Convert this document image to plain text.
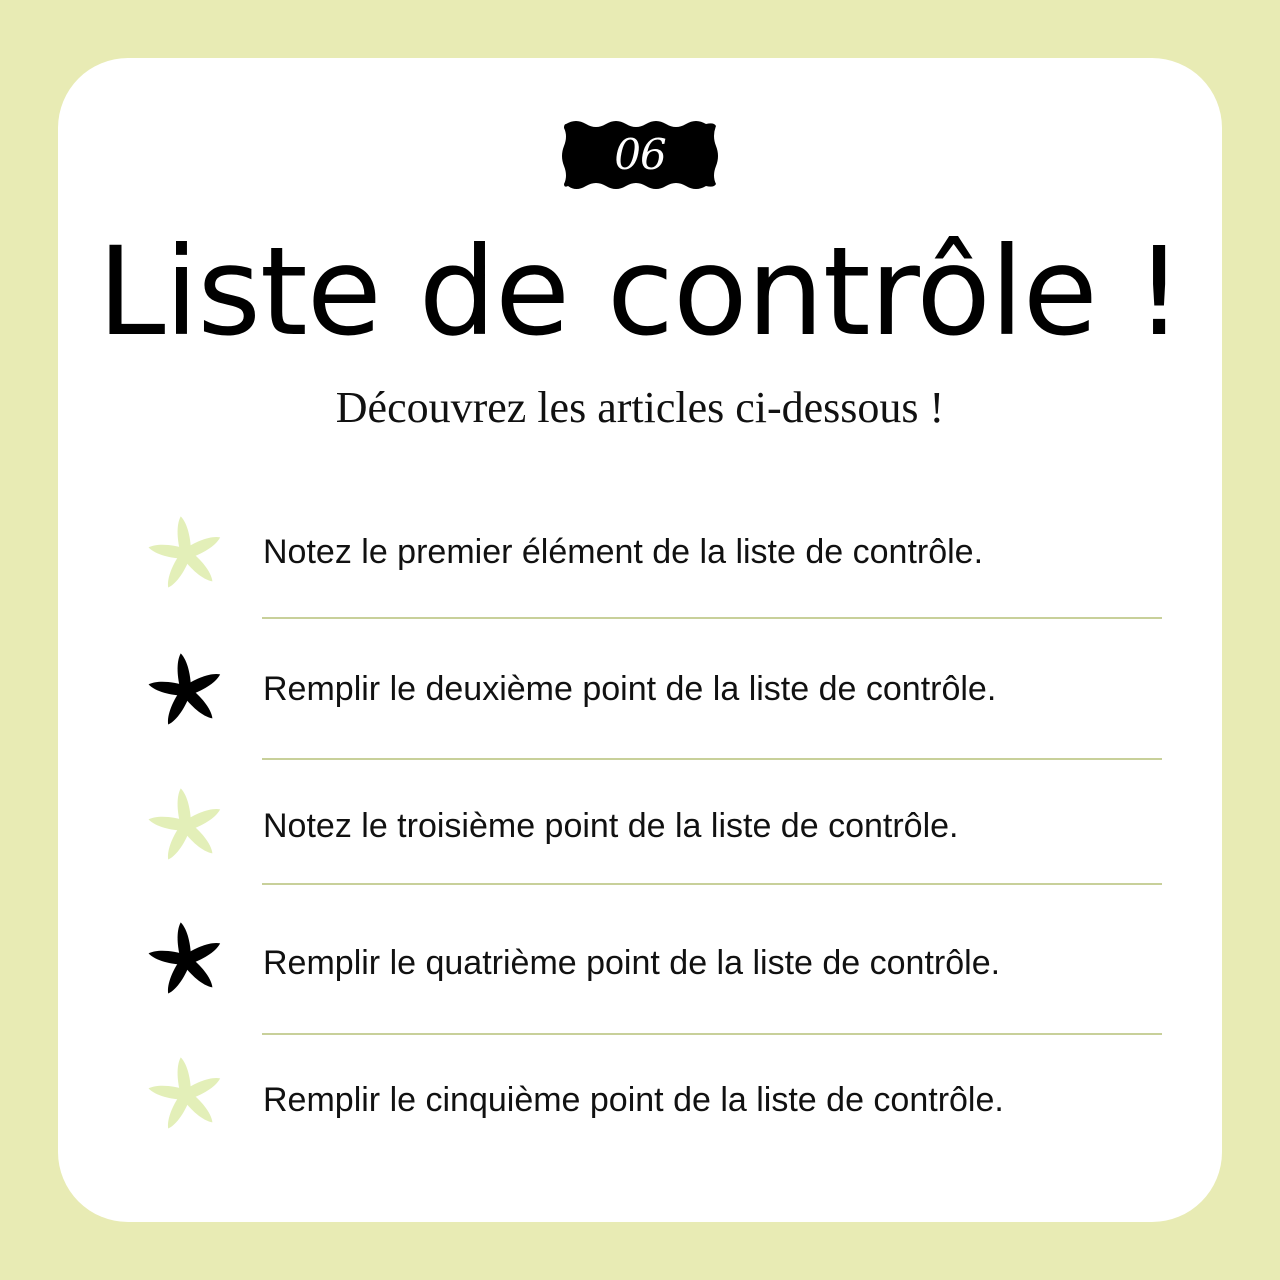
06
Liste de contrôle !
Découvrez les articles ci-dessous !
Notez le premier élément de la liste de contrôle.
Remplir le deuxième point de la liste de contrôle.
Notez le troisième point de la liste de contrôle.
Remplir le quatrième point de la liste de contrôle.
Remplir le cinquième point de la liste de contrôle.
